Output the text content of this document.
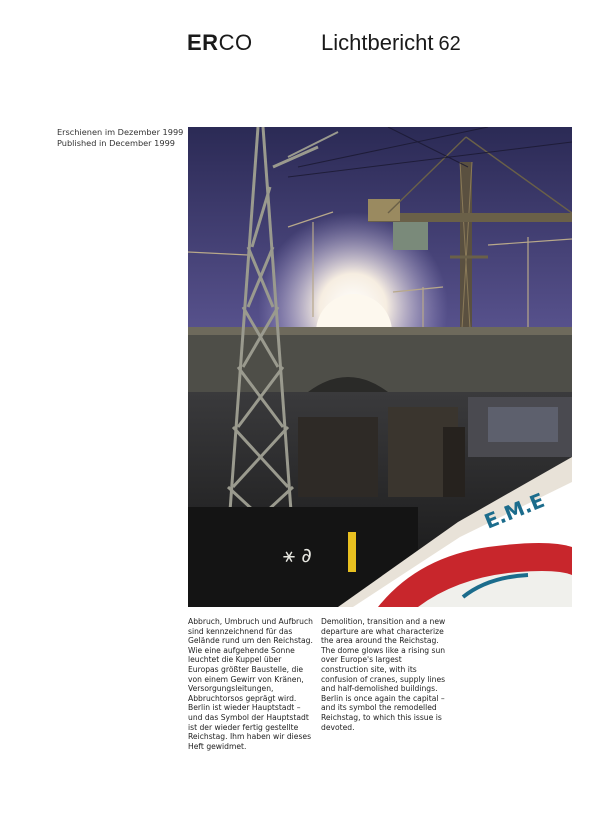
ERCO	Lichtbericht 62
Erschienen im Dezember 1999
Published in December 1999
⚹ ∂
E.M.E
Abbruch, Umbruch und Aufbruch sind kennzeichnend für das Gelände rund um den Reichstag. Wie eine aufgehende Sonne leuchtet die Kuppel über Europas größter Baustelle, die von einem Gewirr von Kränen, Versorgungsleitungen, Abbruchtorsos geprägt wird. Berlin ist wieder Hauptstadt – und das Symbol der Hauptstadt ist der wieder fertig gestellte Reichstag. Ihm haben wir dieses Heft gewidmet.
Demolition, transition and a new departure are what characterize the area around the Reichstag. The dome glows like a rising sun over Europe's largest construction site, with its confusion of cranes, supply lines and half-demolished buildings. Berlin is once again the capital – and its symbol the remodelled Reichstag, to which this issue is devoted.
